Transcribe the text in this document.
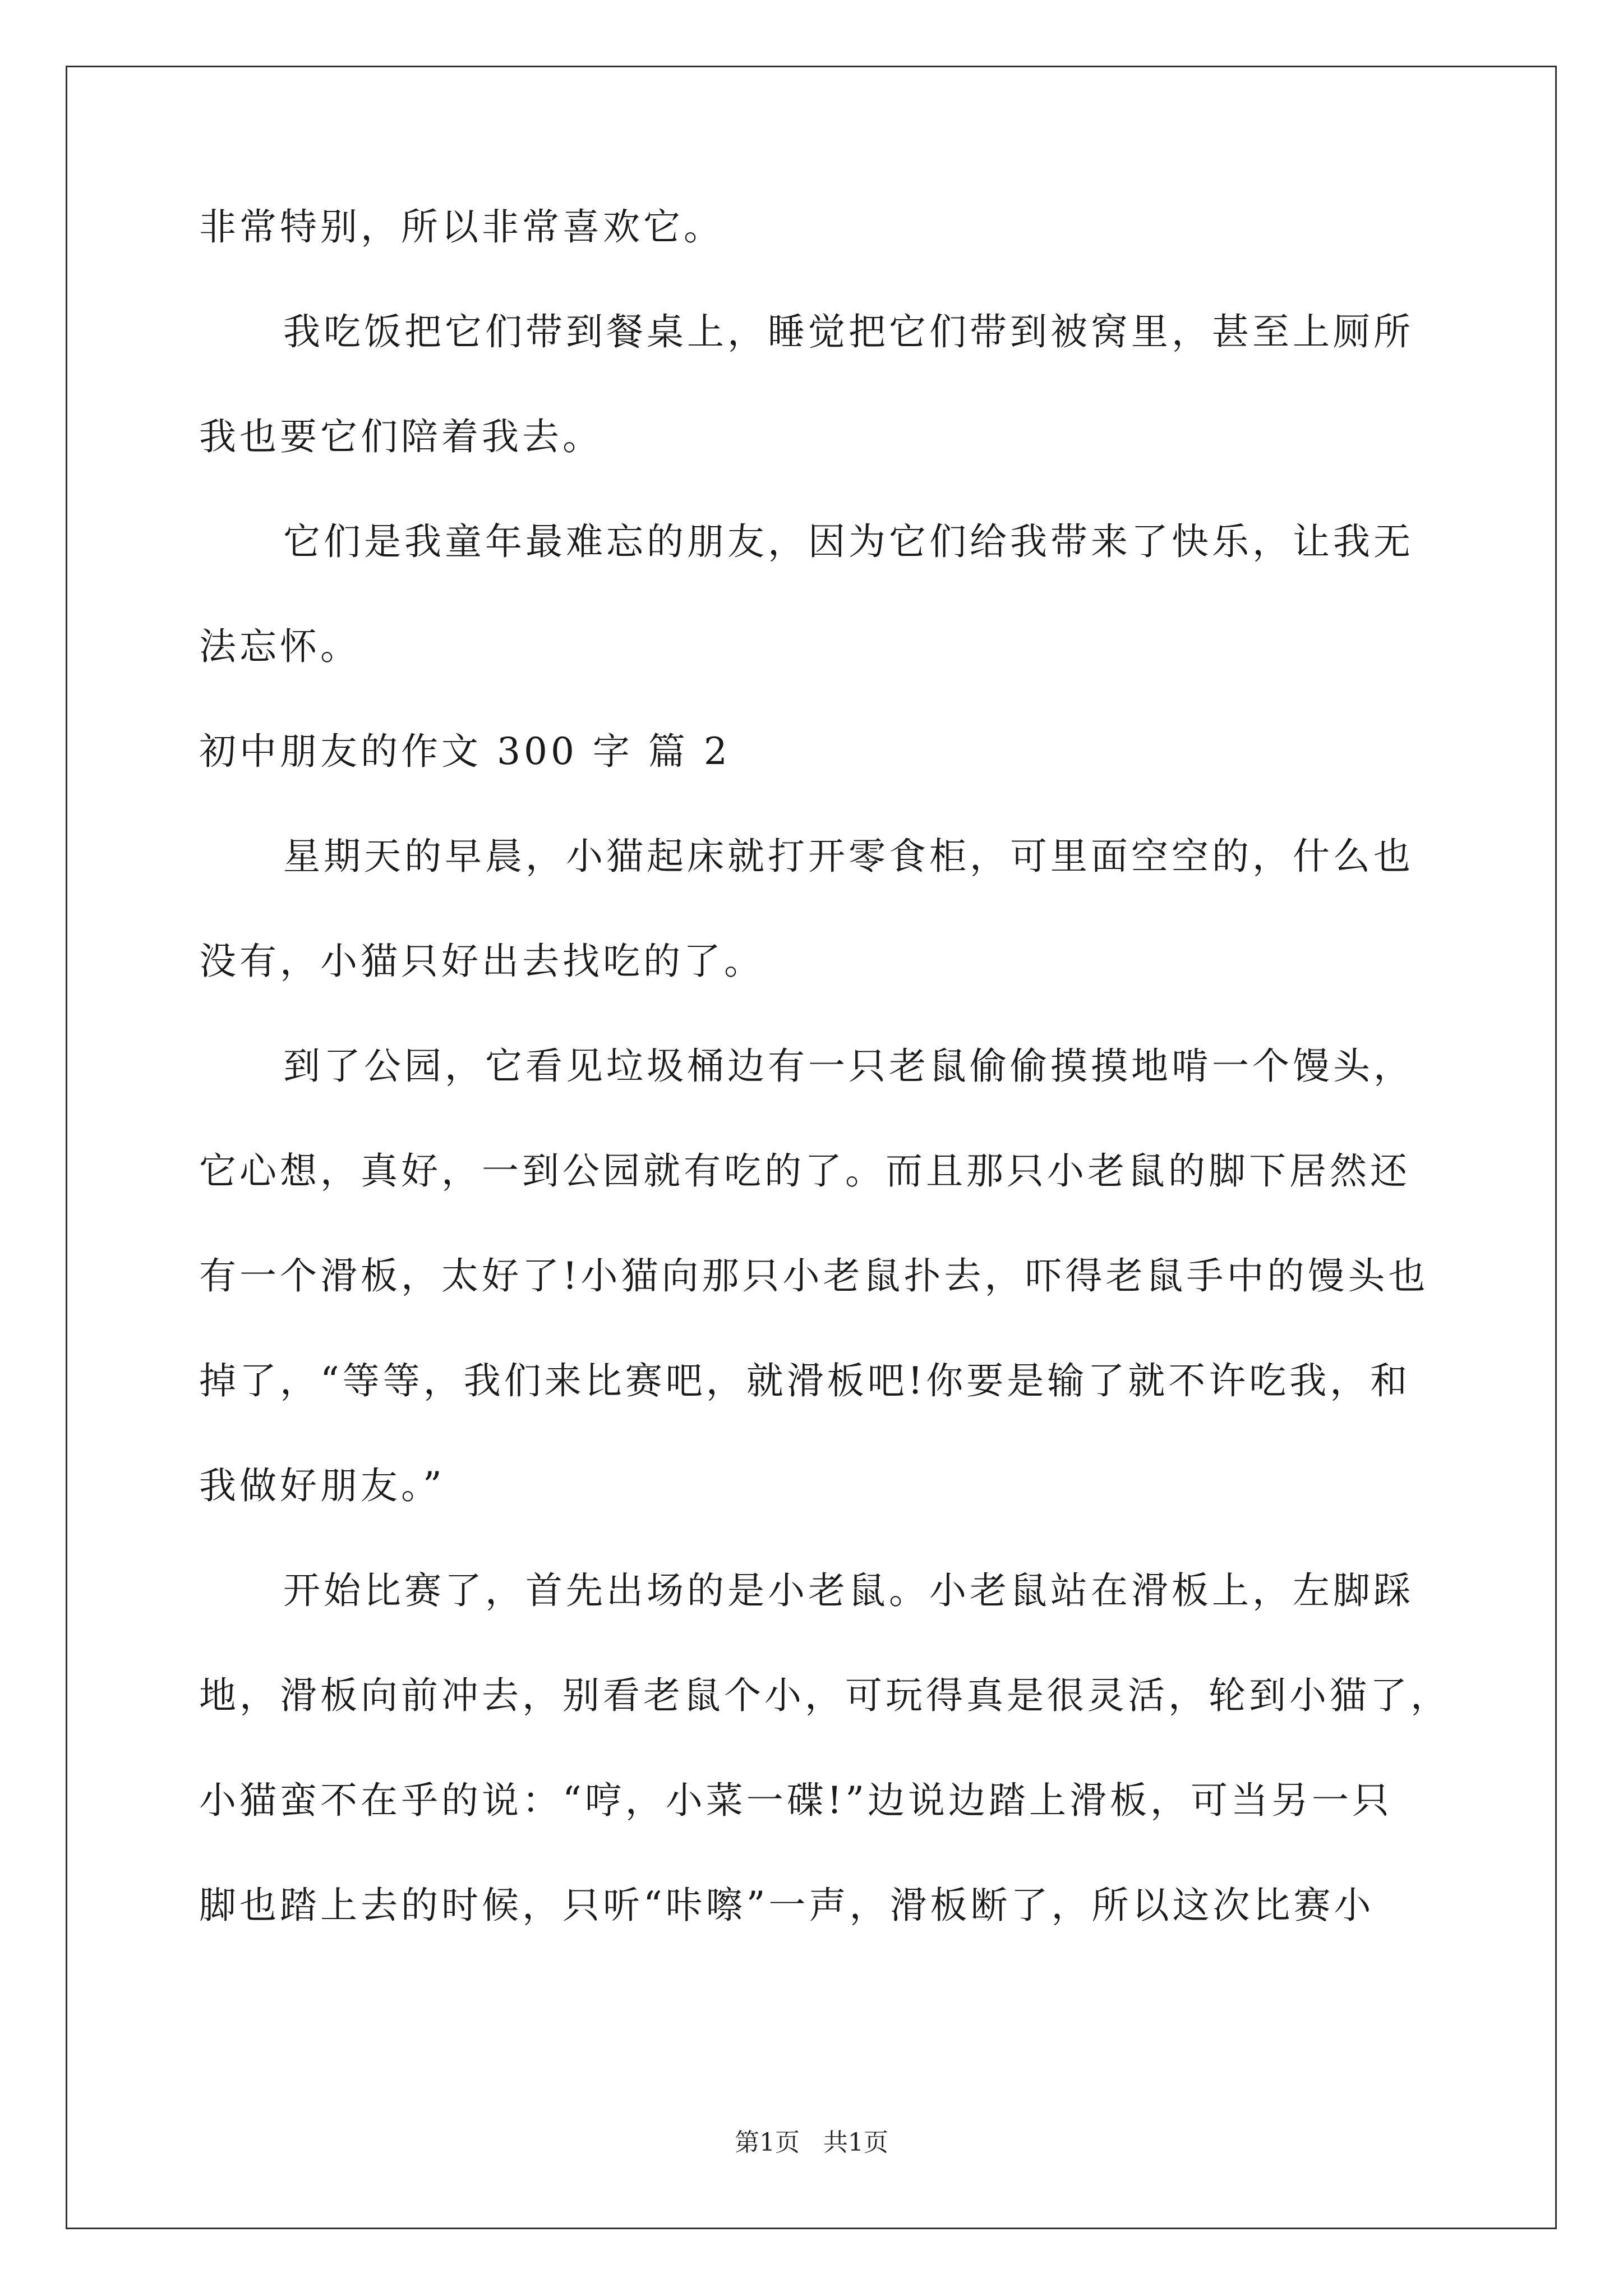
非常特别，所以非常喜欢它。
我吃饭把它们带到餐桌上，睡觉把它们带到被窝里，甚至上厕所
我也要它们陪着我去。
它们是我童年最难忘的朋友，因为它们给我带来了快乐，让我无
法忘怀。
初中朋友的作文 300 字 篇 2
星期天的早晨，小猫起床就打开零食柜，可里面空空的，什么也
没有，小猫只好出去找吃的了。
到了公园，它看见垃圾桶边有一只老鼠偷偷摸摸地啃一个馒头，
它心想，真好，一到公园就有吃的了。而且那只小老鼠的脚下居然还
有一个滑板，太好了!小猫向那只小老鼠扑去，吓得老鼠手中的馒头也
掉了，“等等，我们来比赛吧，就滑板吧!你要是输了就不许吃我，和
我做好朋友。”
开始比赛了，首先出场的是小老鼠。小老鼠站在滑板上，左脚踩
地，滑板向前冲去，别看老鼠个小，可玩得真是很灵活，轮到小猫了，
小猫蛮不在乎的说：“哼，小菜一碟!”边说边踏上滑板，可当另一只
脚也踏上去的时候，只听“咔嚓”一声，滑板断了，所以这次比赛小
第1页   共1页
